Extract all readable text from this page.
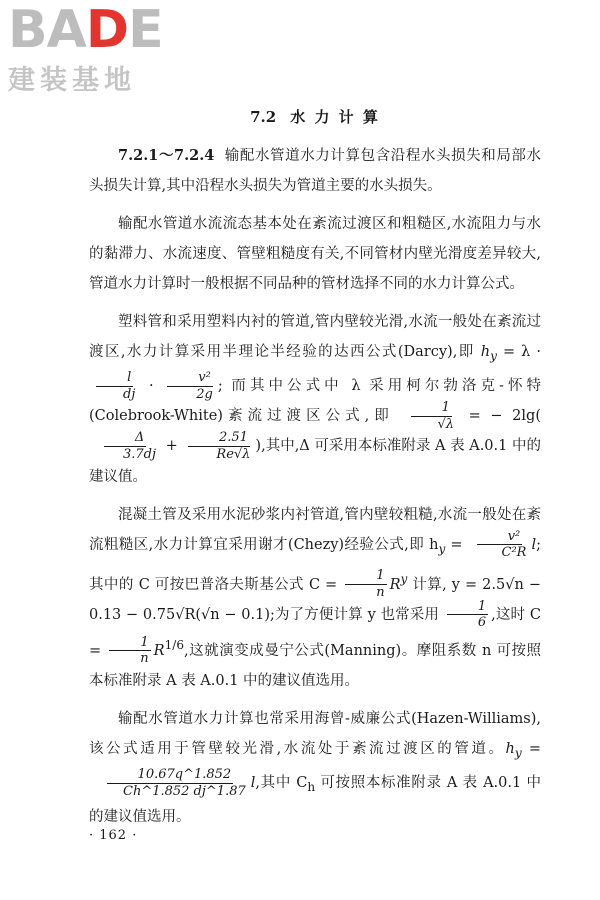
BADE
建装基地
7.2 水 力 计 算

7.2.1～7.2.4 输配水管道水力计算包含沿程水头损失和局部水头损失计算,其中沿程水头损失为管道主要的水头损失。

输配水管道水流流态基本处在紊流过渡区和粗糙区,水流阻力与水的黏滞力、水流速度、管壁粗糙度有关,不同管材内壁光滑度差异较大,管道水力计算时一般根据不同品种的管材选择不同的水力计算公式。

塑料管和采用塑料内衬的管道,管内壁较光滑,水流一般处在紊流过渡区,水力计算采用半理论半经验的达西公式(Darcy),即 $h_y = \lambda$ ·
$\frac{l}{dj} \cdot \frac{\text{v²}}{2g}$ ; 而其中公式中 λ 采用柯尔勃洛克-怀特(Colebrook-White)紊流过渡区公式,即 $\frac{1}{√\lambda}$ = − 2lg(
$\frac{\Delta}{3.7dj} + \frac{2.51}{Re√\lambda}$ ),其中,Δ 可采用本标准附录 A 表 A.0.1 中的建议值。

混凝土管及采用水泥砂浆内衬管道,管内壁较粗糙,水流一般处在紊流粗糙区,水力计算宜采用谢才(Chezy)经验公式,即 $h_y = \frac{\text{v²}}{\text{C²R}} l$;其中的 C 可按巴普洛夫斯基公式 $C = \frac{1}{n} R^y$ 计算, y = 2.5√n − 0.13 − 0.75√R(√n − 0.1);为了方便计算 y 也常采用 $\frac{1}{6}$ ,这时 $C = \frac{1}{n} R^{1/6}$,这就演变成曼宁公式(Manning)。摩阻系数 n 可按照本标准附录 A 表 A.0.1 中的建议值选用。

输配水管道水力计算也常采用海曾-威廉公式(Hazen-Williams),该公式适用于管壁较光滑,水流处于紊流过渡区的管道。$h_y$ =
$\frac{10.67q\^{}1.852}{Ch\^{}1.852 dj\^{}1.87} l$,其中 $C_h$ 可按照本标准附录 A 表 A.0.1 中的建议值选用。

· 162 ·
